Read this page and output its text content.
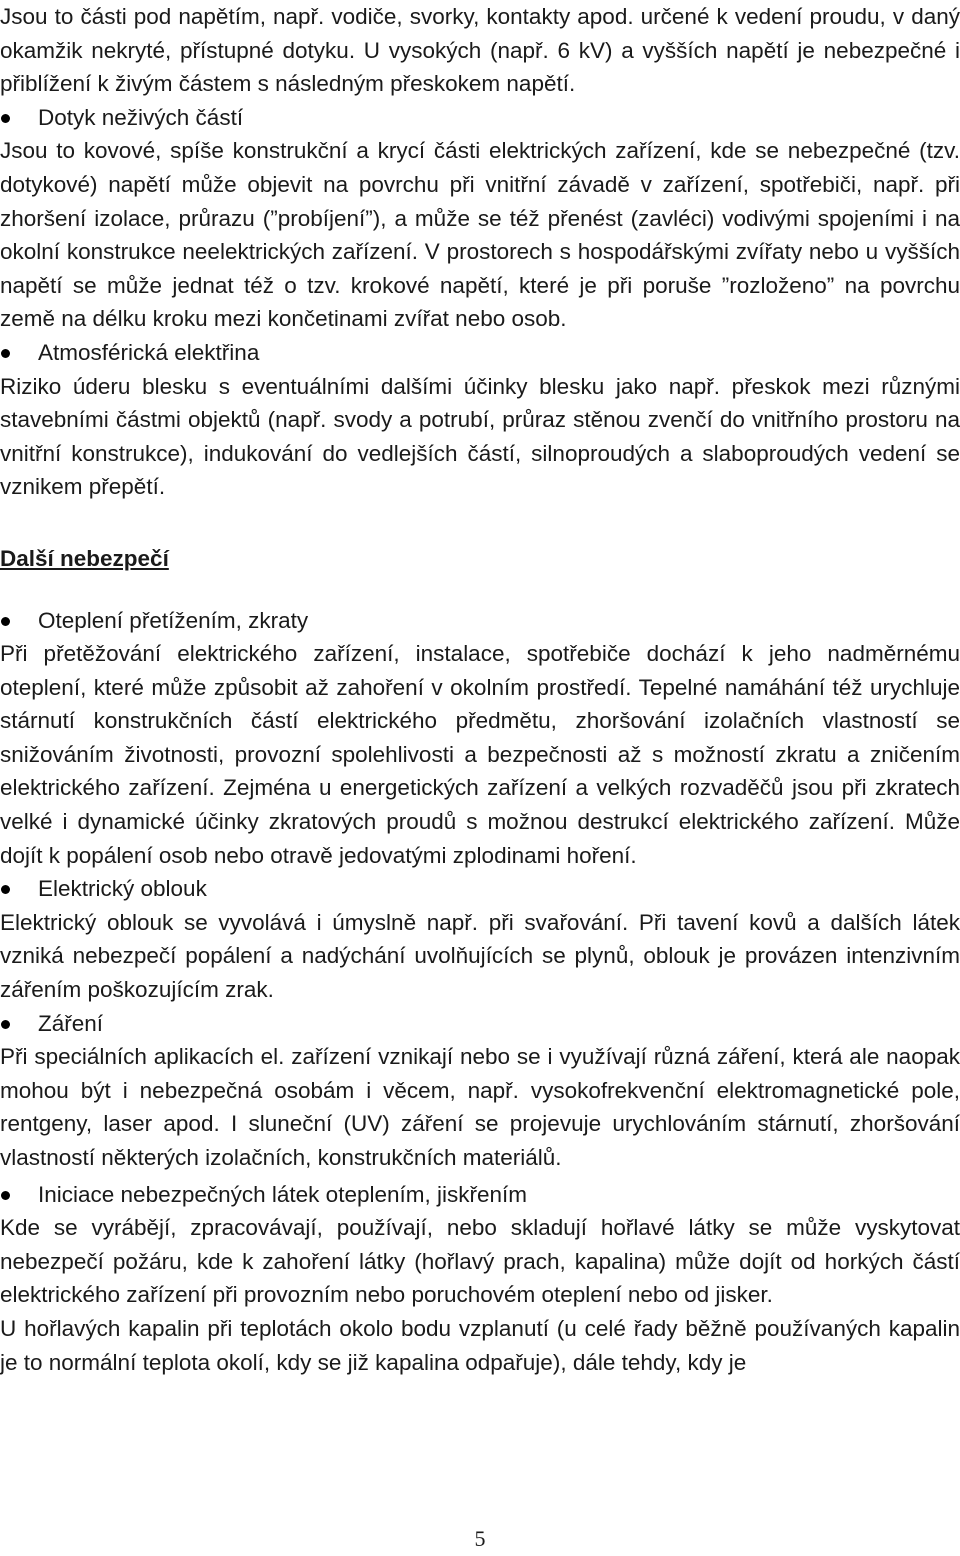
Jsou to části pod napětím, např. vodiče, svorky, kontakty apod. určené k vedení proudu, v daný okamžik nekryté, přístupné dotyku. U vysokých (např. 6 kV) a vyšších napětí je nebezpečné i přiblížení k živým částem s následným přeskokem napětí.

Dotyk neživých částí

Jsou to kovové, spíše konstrukční a krycí části elektrických zařízení, kde se nebezpečné (tzv. dotykové) napětí může objevit na povrchu při vnitřní závadě v zařízení, spotřebiči, např. při zhoršení izolace, průrazu (”probíjení”), a může se též přenést (zavléci) vodivými spojeními i na okolní konstrukce neelektrických zařízení. V prostorech s hospodářskými zvířaty nebo u vyšších napětí se může jednat též o tzv. krokové napětí, které je při poruše ”rozloženo” na povrchu země na délku kroku mezi končetinami zvířat nebo osob.

Atmosférická elektřina

Riziko úderu blesku s eventuálními dalšími účinky blesku jako např. přeskok mezi různými stavebními částmi objektů (např. svody a potrubí, průraz stěnou zvenčí do vnitřního prostoru na vnitřní konstrukce), indukování do vedlejších částí, silnoproudých a slaboproudých vedení se vznikem přepětí.

Další nebezpečí

Oteplení přetížením, zkraty

Při přetěžování elektrického zařízení, instalace, spotřebiče dochází k jeho nadměrnému oteplení, které může způsobit až zahoření v okolním prostředí. Tepelné namáhání též urychluje stárnutí konstrukčních částí elektrického předmětu, zhoršování izolačních vlastností se snižováním životnosti, provozní spolehlivosti a bezpečnosti až s možností zkratu a zničením elektrického zařízení. Zejména u energetických zařízení a velkých rozvaděčů jsou při zkratech velké i dynamické účinky zkratových proudů s možnou destrukcí elektrického zařízení. Může dojít k popálení osob nebo otravě jedovatými zplodinami hoření.

Elektrický oblouk

Elektrický oblouk se vyvolává i úmyslně např. při svařování. Při tavení kovů a dalších látek vzniká nebezpečí popálení a nadýchání uvolňujících se plynů, oblouk je provázen intenzivním zářením poškozujícím zrak.

Záření

Při speciálních aplikacích el. zařízení vznikají nebo se i využívají různá záření, která ale naopak mohou být i nebezpečná osobám i věcem, např. vysokofrekvenční elektromagnetické pole, rentgeny, laser apod. I sluneční (UV) záření se projevuje urychlováním stárnutí, zhoršování vlastností některých izolačních, konstrukčních materiálů.

Iniciace nebezpečných látek oteplením, jiskřením

Kde se vyrábějí, zpracovávají, používají, nebo skladují hořlavé látky se může vyskytovat nebezpečí požáru, kde k zahoření látky (hořlavý prach, kapalina) může dojít od horkých částí elektrického zařízení při provozním nebo poruchovém oteplení nebo od jisker.

U hořlavých kapalin při teplotách okolo bodu vzplanutí (u celé řady běžně používaných kapalin je to normální teplota okolí, kdy se již kapalina odpařuje), dále tehdy, kdy je

5
